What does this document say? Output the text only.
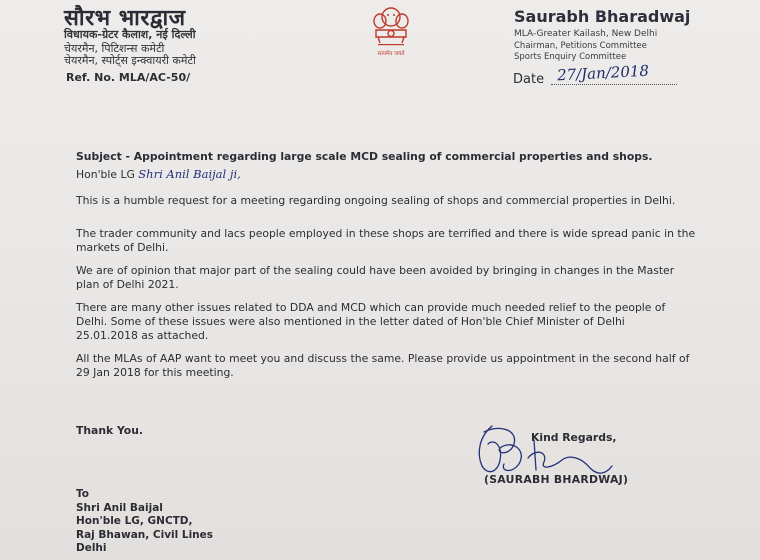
सौरभ भारद्वाज
विधायक-ग्रेटर कैलाश, नई दिल्ली
चेयरमैन, पिटिशन्स कमेटी
चेयरमैन, स्पोर्ट्स इन्क्वायरी कमेटी
Ref. No. MLA/AC-50/
सत्यमेव जयते
Saurabh Bharadwaj
MLA-Greater Kailash, New Delhi
Chairman, Petitions Committee
Sports Enquiry Committee
Date 27/Jan/2018
Subject - Appointment regarding large scale MCD sealing of commercial properties and shops.
Hon'ble LG Shri Anil Baijal ji,
This is a humble request for a meeting regarding ongoing sealing of shops and commercial properties in Delhi.
The trader community and lacs people employed in these shops are terrified and there is wide spread panic in the markets of Delhi.
We are of opinion that major part of the sealing could have been avoided by bringing in changes in the Master plan of Delhi 2021.
There are many other issues related to DDA and MCD which can provide much needed relief to the people of Delhi. Some of these issues were also mentioned in the letter dated of Hon'ble Chief Minister of Delhi 25.01.2018 as attached.
All the MLAs of AAP want to meet you and discuss the same. Please provide us appointment in the second half of 29 Jan 2018 for this meeting.
Thank You.
Kind Regards,
(SAURABH BHARDWAJ)
To
Shri Anil Baijal
Hon'ble LG, GNCTD,
Raj Bhawan, Civil Lines
Delhi
